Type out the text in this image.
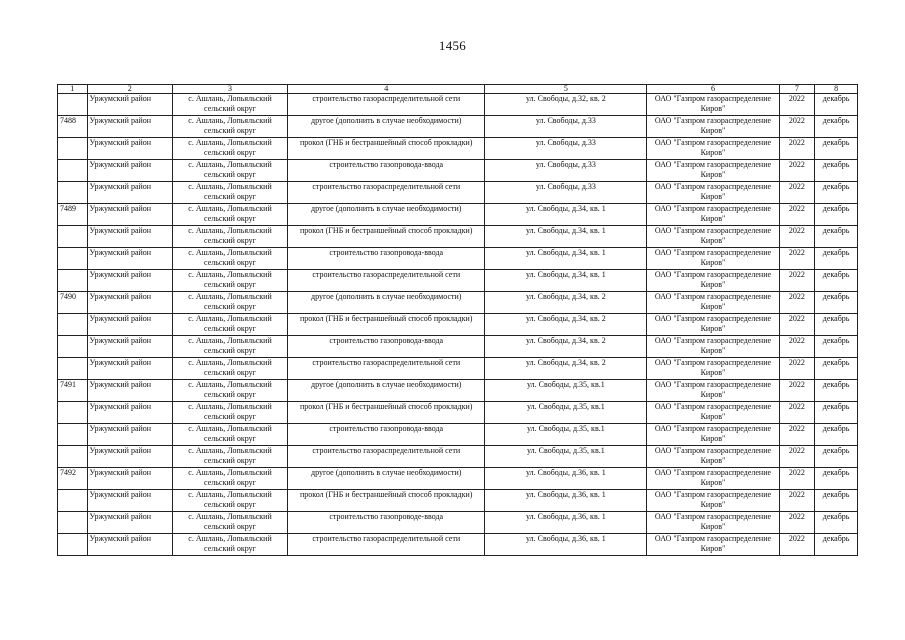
1456
1	2	3	4	5	6	7	8
	Уржумский район	с. Ашлань, Лопьяльский сельский округ	строительство газораспределительной сети	ул. Свободы, д.32, кв. 2	ОАО "Газпром газораспределение Киров"	2022	декабрь
7488	Уржумский район	с. Ашлань, Лопьяльский сельский округ	другое (дополнить в случае необходимости)	ул. Свободы, д.33	ОАО "Газпром газораспределение Киров"	2022	декабрь
	Уржумский район	с. Ашлань, Лопьяльский сельский округ	прокол (ГНБ и бестраншейный способ прокладки)	ул. Свободы, д.33	ОАО "Газпром газораспределение Киров"	2022	декабрь
	Уржумский район	с. Ашлань, Лопьяльский сельский округ	строительство газопровода-ввода	ул. Свободы, д.33	ОАО "Газпром газораспределение Киров"	2022	декабрь
	Уржумский район	с. Ашлань, Лопьяльский сельский округ	строительство газораспределительной сети	ул. Свободы, д.33	ОАО "Газпром газораспределение Киров"	2022	декабрь
7489	Уржумский район	с. Ашлань, Лопьяльский сельский округ	другое (дополнить в случае необходимости)	ул. Свободы, д.34, кв. 1	ОАО "Газпром газораспределение Киров"	2022	декабрь
	Уржумский район	с. Ашлань, Лопьяльский сельский округ	прокол (ГНБ и бестраншейный способ прокладки)	ул. Свободы, д.34, кв. 1	ОАО "Газпром газораспределение Киров"	2022	декабрь
	Уржумский район	с. Ашлань, Лопьяльский сельский округ	строительство газопровода-ввода	ул. Свободы, д.34, кв. 1	ОАО "Газпром газораспределение Киров"	2022	декабрь
	Уржумский район	с. Ашлань, Лопьяльский сельский округ	строительство газораспределительной сети	ул. Свободы, д.34, кв. 1	ОАО "Газпром газораспределение Киров"	2022	декабрь
7490	Уржумский район	с. Ашлань, Лопьяльский сельский округ	другое (дополнить в случае необходимости)	ул. Свободы, д.34, кв. 2	ОАО "Газпром газораспределение Киров"	2022	декабрь
	Уржумский район	с. Ашлань, Лопьяльский сельский округ	прокол (ГНБ и бестраншейный способ прокладки)	ул. Свободы, д.34, кв. 2	ОАО "Газпром газораспределение Киров"	2022	декабрь
	Уржумский район	с. Ашлань, Лопьяльский сельский округ	строительство газопровода-ввода	ул. Свободы, д.34, кв. 2	ОАО "Газпром газораспределение Киров"	2022	декабрь
	Уржумский район	с. Ашлань, Лопьяльский сельский округ	строительство газораспределительной сети	ул. Свободы, д.34, кв. 2	ОАО "Газпром газораспределение Киров"	2022	декабрь
7491	Уржумский район	с. Ашлань, Лопьяльский сельский округ	другое (дополнить в случае необходимости)	ул. Свободы, д.35, кв.1	ОАО "Газпром газораспределение Киров"	2022	декабрь
	Уржумский район	с. Ашлань, Лопьяльский сельский округ	прокол (ГНБ и бестраншейный способ прокладки)	ул. Свободы, д.35, кв.1	ОАО "Газпром газораспределение Киров"	2022	декабрь
	Уржумский район	с. Ашлань, Лопьяльский сельский округ	строительство газопровода-ввода	ул. Свободы, д.35, кв.1	ОАО "Газпром газораспределение Киров"	2022	декабрь
	Уржумский район	с. Ашлань, Лопьяльский сельский округ	строительство газораспределительной сети	ул. Свободы, д.35, кв.1	ОАО "Газпром газораспределение Киров"	2022	декабрь
7492	Уржумский район	с. Ашлань, Лопьяльский сельский округ	другое (дополнить в случае необходимости)	ул. Свободы, д.36, кв. 1	ОАО "Газпром газораспределение Киров"	2022	декабрь
	Уржумский район	с. Ашлань, Лопьяльский сельский округ	прокол (ГНБ и бестраншейный способ прокладки)	ул. Свободы, д.36, кв. 1	ОАО "Газпром газораспределение Киров"	2022	декабрь
	Уржумский район	с. Ашлань, Лопьяльский сельский округ	строительство газопроводе-ввода	ул. Свободы, д.36, кв. 1	ОАО "Газпром газораспределение Киров"	2022	декабрь
	Уржумский район	с. Ашлань, Лопьяльский сельский округ	строительство газораспределительной сети	ул. Свободы, д.36, кв. 1	ОАО "Газпром газораспределение Киров"	2022	декабрь
